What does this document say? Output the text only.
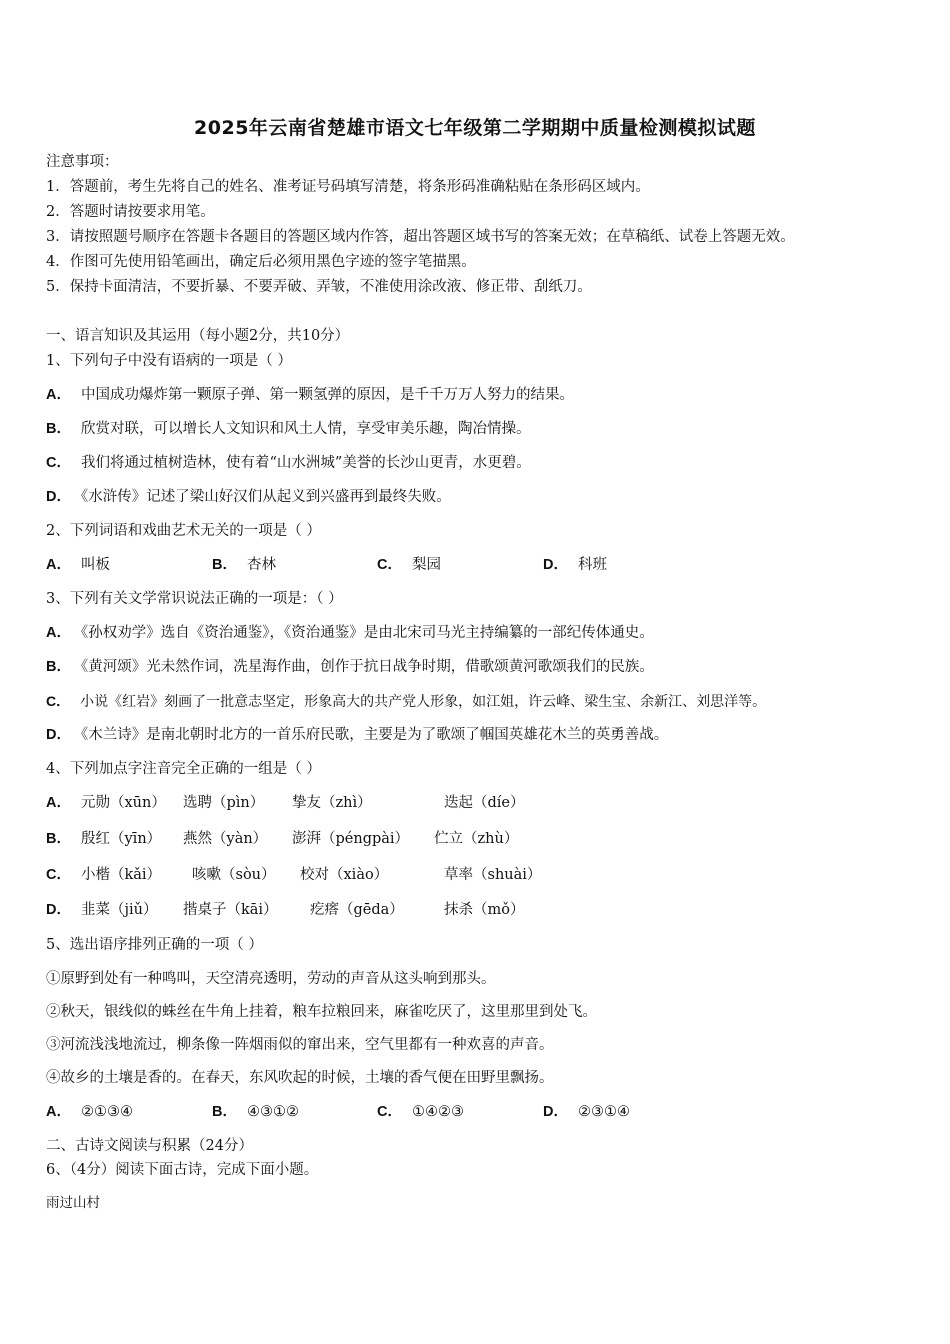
2025年云南省楚雄市语文七年级第二学期期中质量检测模拟试题
注意事项：
1．答题前，考生先将自己的姓名、准考证号码填写清楚，将条形码准确粘贴在条形码区域内。
2．答题时请按要求用笔。
3．请按照题号顺序在答题卡各题目的答题区域内作答，超出答题区域书写的答案无效；在草稿纸、试卷上答题无效。
4．作图可先使用铅笔画出，确定后必须用黑色字迹的签字笔描黑。
5．保持卡面清洁，不要折暴、不要弄破、弄皱，不准使用涂改液、修正带、刮纸刀。
一、语言知识及其运用（每小题2分，共10分）
1、下列句子中没有语病的一项是（ ）
A． 中国成功爆炸第一颗原子弹、第一颗氢弹的原因，是千千万万人努力的结果。
B． 欣赏对联，可以增长人文知识和风土人情，享受审美乐趣，陶冶情操。
C． 我们将通过植树造林，使有着“山水洲城”美誉的长沙山更青，水更碧。
D． 《水浒传》记述了梁山好汉们从起义到兴盛再到最终失败。
2、下列词语和戏曲艺术无关的一项是（ ）
A． 叫板	B． 杏林	C． 梨园	D． 科班
3、下列有关文学常识说法正确的一项是：（ ）
A． 《孙权劝学》选自《资治通鉴》，《资治通鉴》是由北宋司马光主持编纂的一部纪传体通史。
B． 《黄河颂》光未然作词，冼星海作曲，创作于抗日战争时期，借歌颂黄河歌颂我们的民族。
C． 小说《红岩》刻画了一批意志坚定，形象高大的共产党人形象，如江姐，许云峰、梁生宝、余新江、刘思洋等。
D． 《木兰诗》是南北朝时北方的一首乐府民歌，主要是为了歌颂了帼国英雄花木兰的英勇善战。
4、下列加点字注音完全正确的一组是（ ）
A． 元勋（xūn） 选聘（pìn） 挚友（zhì）	迭起（díe）
B． 殷红（yīn） 燕然（yàn） 澎湃（péngpài） 伫立（zhù）
C． 小楷（kǎi） 咳嗽（sòu） 校对（xiào）	草率（shuài）
D． 韭菜（jiǔ） 揩桌子（kāi） 疙瘩（gēda）	抹杀（mǒ）
5、选出语序排列正确的一项（ ）
①原野到处有一种鸣叫，天空清亮透明，劳动的声音从这头响到那头。
②秋天，银线似的蛛丝在牛角上挂着，粮车拉粮回来，麻雀吃厌了，这里那里到处飞。
③河流浅浅地流过，柳条像一阵烟雨似的窜出来，空气里都有一种欢喜的声音。
④故乡的土壤是香的。在春天，东风吹起的时候，土壤的香气便在田野里飘扬。
A． ②①③④	B． ④③①②	C． ①④②③	D． ②③①④
二、古诗文阅读与积累（24分）
6、（4分）阅读下面古诗，完成下面小题。
雨过山村
